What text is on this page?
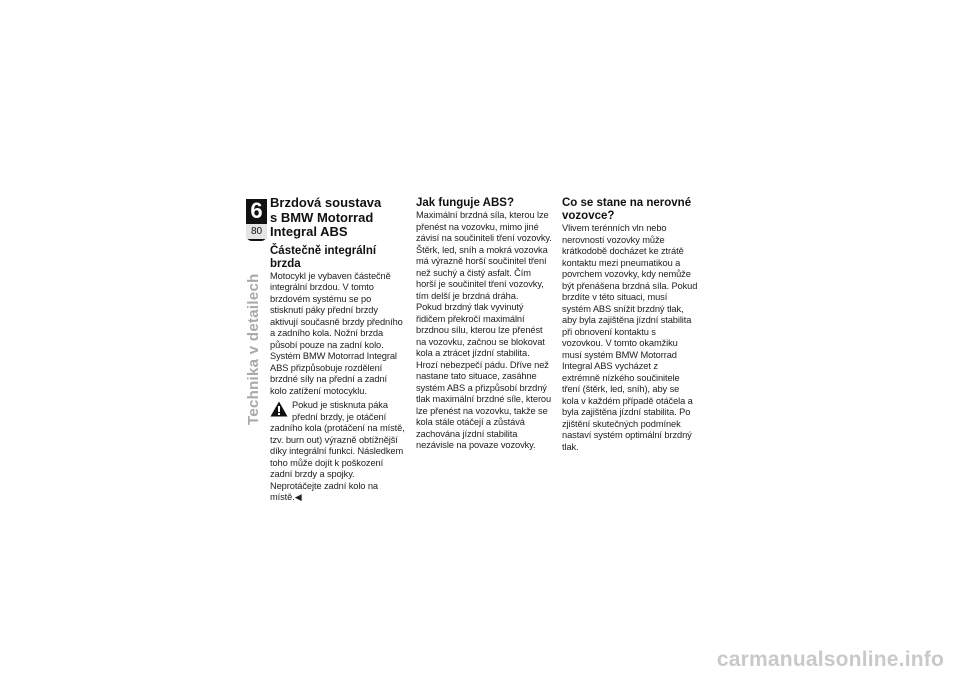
6
80
Technika v detailech
Brzdová soustava
s BMW Motorrad
Integral ABS
Částečně integrální brzda

Motocykl je vybaven částečně integrální brzdou. V tomto brzdovém systému se po stisknutí páky přední brzdy aktivují současně brzdy předního a zadního kola. Nožní brzda působí pouze na zadní kolo.

Systém BMW Motorrad Integral ABS přizpůsobuje rozdělení brzdné síly na přední a zadní kolo zatížení motocyklu.

Pokud je stisknuta páka přední brzdy, je otáčení zadního kola (protáčení na místě, tzv. burn out) výrazně obtížnější díky integrální funkci. Následkem toho může dojít k poškození zadní brzdy a spojky.

Neprotáčejte zadní kolo na místě.◀

Jak funguje ABS?

Maximální brzdná síla, kterou lze přenést na vozovku, mimo jiné závisí na součiniteli tření vozovky. Štěrk, led, sníh a mokrá vozovka má výrazně horší součinitel tření než suchý a čistý asfalt. Čím horší je součinitel tření vozovky, tím delší je brzdná dráha.

Pokud brzdný tlak vyvinutý řidičem překročí maximální brzdnou sílu, kterou lze přenést na vozovku, začnou se blokovat kola a ztrácet jízdní stabilita. Hrozí nebezpečí pádu. Dříve než nastane tato situace, zasáhne systém ABS a přizpůsobí brzdný tlak maximální brzdné síle, kterou lze přenést na vozovku, takže se kola stále otáčejí a zůstává zachována jízdní stabilita nezávisle na povaze vozovky.

Co se stane na nerovné
vozovce?

Vlivem terénních vln nebo nerovností vozovky může krátkodobě docházet ke ztrátě kontaktu mezi pneumatikou a povrchem vozovky, kdy nemůže být přenášena brzdná síla. Pokud brzdíte v této situaci, musí systém ABS snížit brzdný tlak, aby byla zajištěna jízdní stabilita při obnovení kontaktu s vozovkou. V tomto okamžiku musí systém BMW Motorrad Integral ABS vycházet z extrémně nízkého součinitele tření (štěrk, led, sníh), aby se kola v každém případě otáčela a byla zajištěna jízdní stabilita. Po zjištění skutečných podmínek nastaví systém optimální brzdný tlak.

carmanualsonline.info
